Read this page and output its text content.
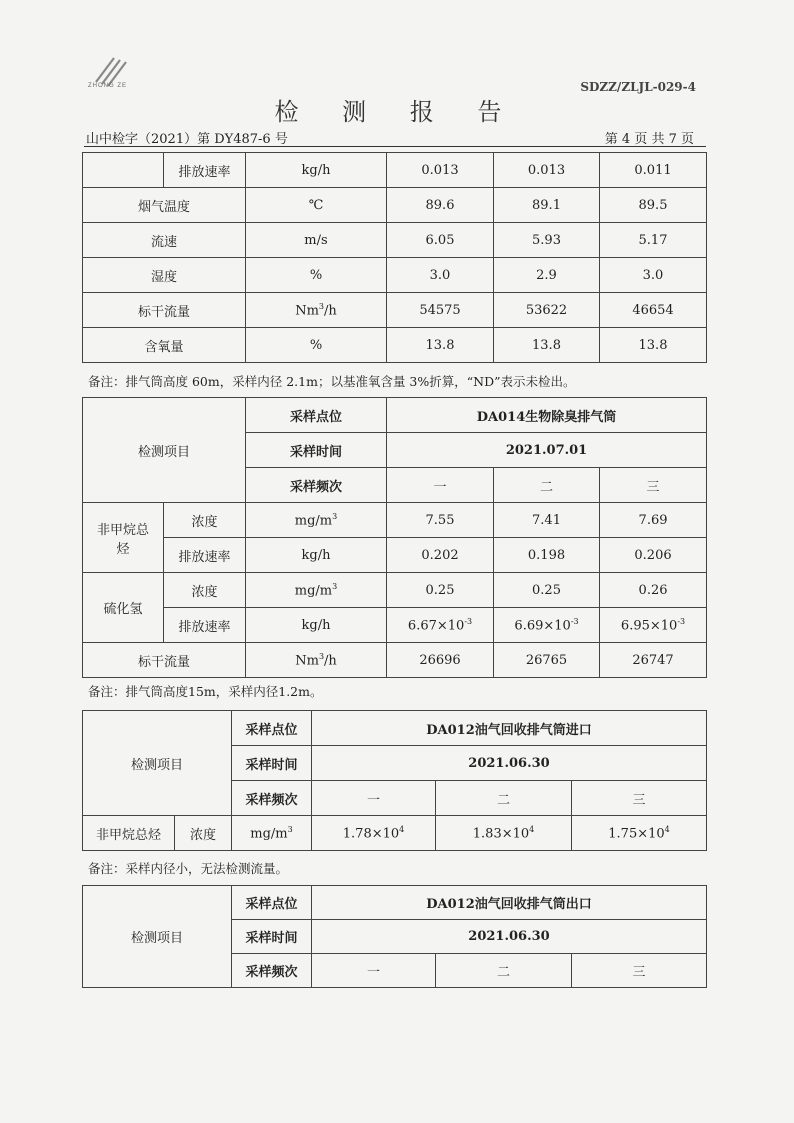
ZHONG ZE	SDZZ/ZLJL-029-4
检 测 报 告
山中检字（2021）第 DY487-6 号	第 4 页 共 7 页
	排放速率	kg/h	0.013	0.013	0.011
烟气温度		℃	89.6	89.1	89.5
流速		m/s	6.05	5.93	5.17
湿度		%	3.0	2.9	3.0
标干流量		Nm$^3$/h	54575	53622	46654
含氧量		%	13.8	13.8	13.8
备注：排气筒高度 60m，采样内径 2.1m；以基准氧含量 3%折算，“ND”表示未检出。
检测项目		采样点位	DA014生物除臭排气筒		
		采样时间	2021.07.01		
		采样频次	一	二	三
非甲烷总烃	浓度	$mg/m^3$	7.55	7.41	7.69
	排放速率	kg/h	0.202	0.198	0.206
硫化氢	浓度	$mg/m^3$	0.25	0.25	0.26
	排放速率	kg/h	$6.67\times 10^{-3}$	$6.69\times 10^{-3}$	$6.95\times 10^{-3}$
标干流量		Nm$^3$/h	26696	26765	26747
备注：排气筒高度15m，采样内径1.2m。
检测项目		采样点位	DA012油气回收排气筒进口		
		采样时间	2021.06.30		
		采样频次	一	二	三
非甲烷总烃	浓度	$mg/m^3$	$1.78\times 10^4$	$1.83\times 10^4$	$1.75\times 10^4$
备注：采样内径小，无法检测流量。
检测项目	采样点位	DA012油气回收排气筒出口		
	采样时间	2021.06.30		
	采样频次	一	二	三
